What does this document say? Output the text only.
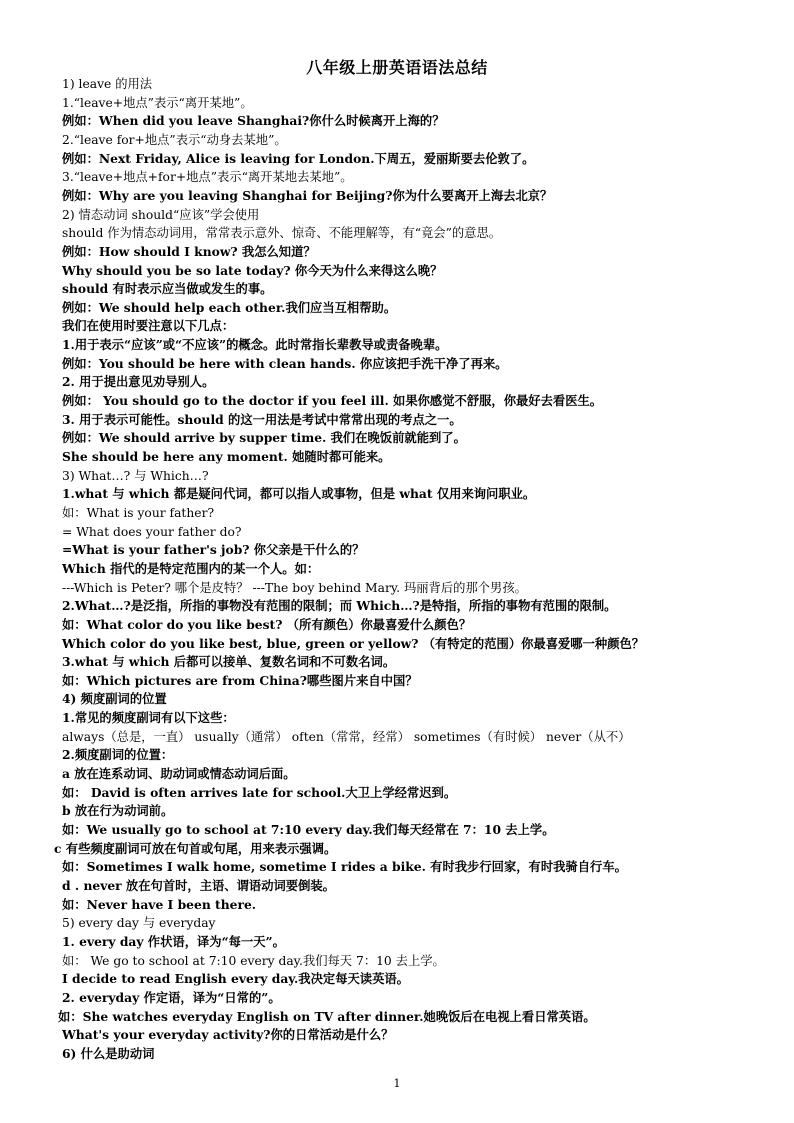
八年级上册英语语法总结
1) leave 的用法
1.“leave+地点”表示“离开某地”。
例如：When did you leave Shanghai?你什么时候离开上海的？
2.“leave for+地点”表示“动身去某地”。
例如：Next Friday, Alice is leaving for London.下周五，爱丽斯要去伦敦了。
3.“leave+地点+for+地点”表示“离开某地去某地”。
例如：Why are you leaving Shanghai for Beijing?你为什么要离开上海去北京？
2) 情态动词 should“应该”学会使用
should 作为情态动词用，常常表示意外、惊奇、不能理解等，有“竟会”的意思。
例如：How should I know? 我怎么知道？
Why should you be so late today? 你今天为什么来得这么晚？
should 有时表示应当做或发生的事。
例如：We should help each other.我们应当互相帮助。
我们在使用时要注意以下几点：
1.用于表示“应该”或“不应该”的概念。此时常指长辈教导或责备晚辈。
例如：You should be here with clean hands. 你应该把手洗干净了再来。
2. 用于提出意见劝导别人。
例如： You should go to the doctor if you feel ill. 如果你感觉不舒服，你最好去看医生。
3. 用于表示可能性。should 的这一用法是考试中常常出现的考点之一。
例如：We should arrive by supper time. 我们在晚饭前就能到了。
She should be here any moment. 她随时都可能来。
3) What…? 与 Which…?
1.what 与 which 都是疑问代词，都可以指人或事物，但是 what 仅用来询问职业。
如：What is your father?
= What does your father do?
=What is your father's job? 你父亲是干什么的？
Which 指代的是特定范围内的某一个人。如：
---Which is Peter? 哪个是皮特？ ---The boy behind Mary. 玛丽背后的那个男孩。
2.What…?是泛指，所指的事物没有范围的限制；而 Which…?是特指，所指的事物有范围的限制。
如：What color do you like best? （所有颜色）你最喜爱什么颜色？
Which color do you like best, blue, green or yellow? （有特定的范围）你最喜爱哪一种颜色？
3.what 与 which 后都可以接单、复数名词和不可数名词。
如：Which pictures are from China?哪些图片来自中国？
4) 频度副词的位置
1.常见的频度副词有以下这些：
always（总是，一直） usually（通常） often（常常，经常） sometimes（有时候） never（从不）
2.频度副词的位置：
a 放在连系动词、助动词或情态动词后面。
如： David is often arrives late for school.大卫上学经常迟到。
b 放在行为动词前。
如：We usually go to school at 7:10 every day.我们每天经常在 7：10 去上学。
c 有些频度副词可放在句首或句尾，用来表示强调。
如：Sometimes I walk home, sometime I rides a bike. 有时我步行回家，有时我骑自行车。
d . never 放在句首时，主语、谓语动词要倒装。
如：Never have I been there.
5) every day 与 everyday
1. every day 作状语，译为“每一天”。
如： We go to school at 7:10 every day.我们每天 7：10 去上学。
I decide to read English every day.我决定每天读英语。
2. everyday 作定语，译为“日常的”。
如：She watches everyday English on TV after dinner.她晚饭后在电视上看日常英语。
What's your everyday activity?你的日常活动是什么？
6) 什么是助动词
1
